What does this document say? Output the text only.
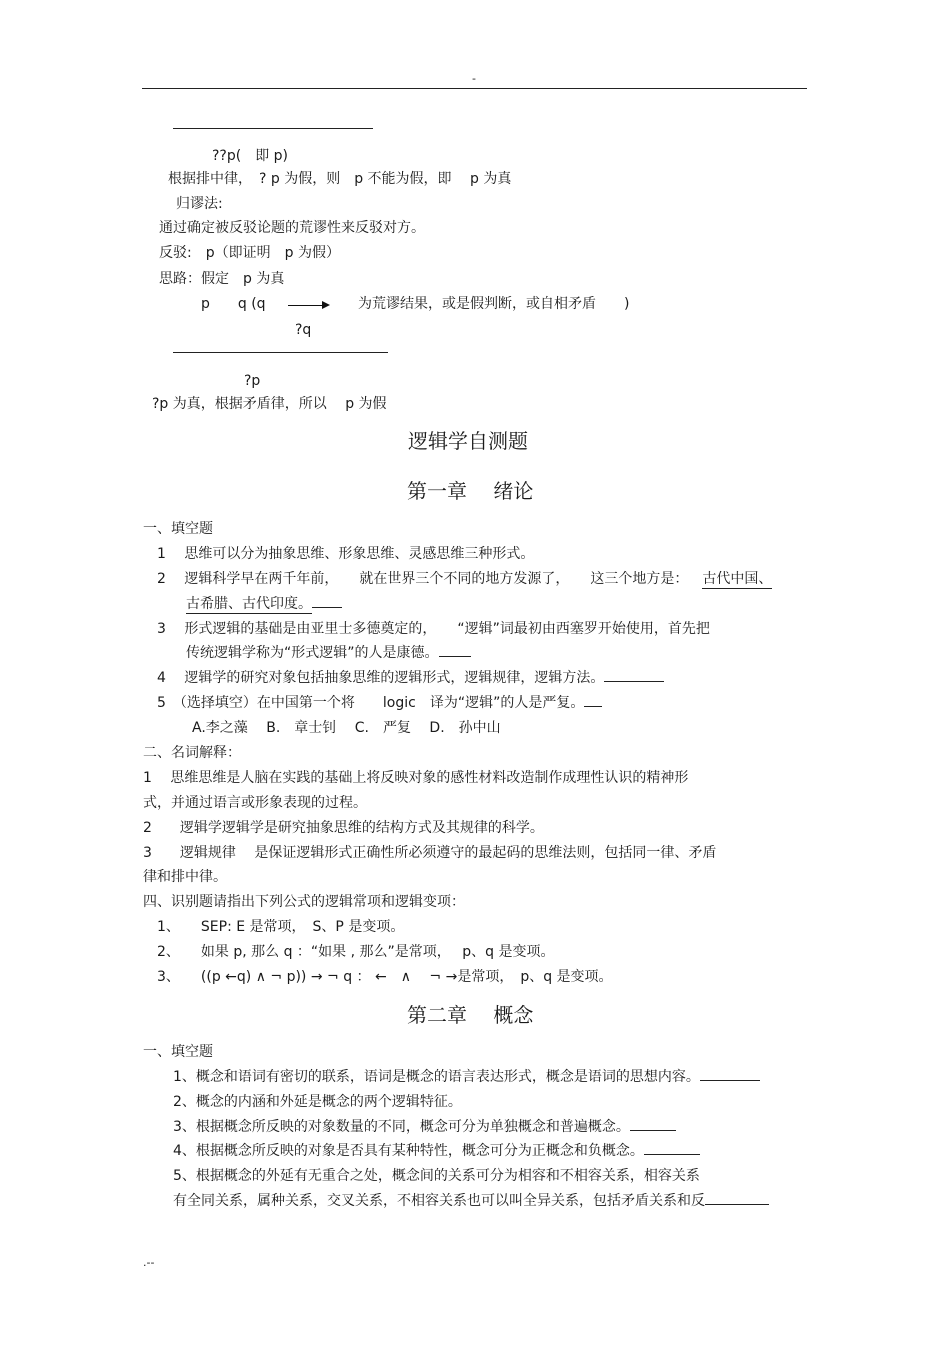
-
??p(　即 p)
根据排中律，　? p 为假，则　p 不能为假，即　 p 为真
归谬法:
通过确定被反驳论题的荒谬性来反驳对方。
反驳:　p（即证明　p 为假）
思路：假定　p 为真
p　　q (q	为荒谬结果，或是假判断，或自相矛盾　　)
?q
?p
?p 为真，根据矛盾律，所以　 p 为假
逻辑学自测题
第一章　 绪论
一、填空题
1　 思维可以分为抽象思维、形象思维、灵感思维三种形式。
2　 逻辑科学早在两千年前，　　就在世界三个不同的地方发源了，　　这三个地方是： 古代中国、
古希腊、古代印度。
3　 形式逻辑的基础是由亚里士多德奠定的，　　“逻辑”词最初由西塞罗开始使用，首先把
传统逻辑学称为“形式逻辑”的人是康德。
4　 逻辑学的研究对象包括抽象思维的逻辑形式，逻辑规律，逻辑方法。
5　（选择填空）在中国第一个将　　logic　译为“逻辑”的人是严复。
A.李之藻　 B.　章士钊　 C.　严复　 D.　孙中山
二、名词解释：
1　 思维思维是人脑在实践的基础上将反映对象的感性材料改造制作成理性认识的精神形
式，并通过语言或形象表现的过程。
2　　逻辑学逻辑学是研究抽象思维的结构方式及其规律的科学。
3　　逻辑规律　 是保证逻辑形式正确性所必须遵守的最起码的思维法则，包括同一律、矛盾
律和排中律。
四、识别题请指出下列公式的逻辑常项和逻辑变项：
1、　　SEP: E 是常项，　S、P 是变项。
2、　　如果 p, 那么 q ：“如果 , 那么”是常项，　 p、q 是变项。
3、　　((p ←q) ∧ ¬ p)) → ¬ q ： ←　∧　 ¬ →是常项，　p、q 是变项。
第二章　 概念
一、填空题
1、概念和语词有密切的联系，语词是概念的语言表达形式，概念是语词的思想内容。
2、概念的内涵和外延是概念的两个逻辑特征。
3、根据概念所反映的对象数量的不同，概念可分为单独概念和普遍概念。
4、根据概念所反映的对象是否具有某种特性，概念可分为正概念和负概念。
5、根据概念的外延有无重合之处，概念间的关系可分为相容和不相容关系，相容关系
有全同关系，属种关系，交叉关系，不相容关系也可以叫全异关系，包括矛盾关系和反
.--
